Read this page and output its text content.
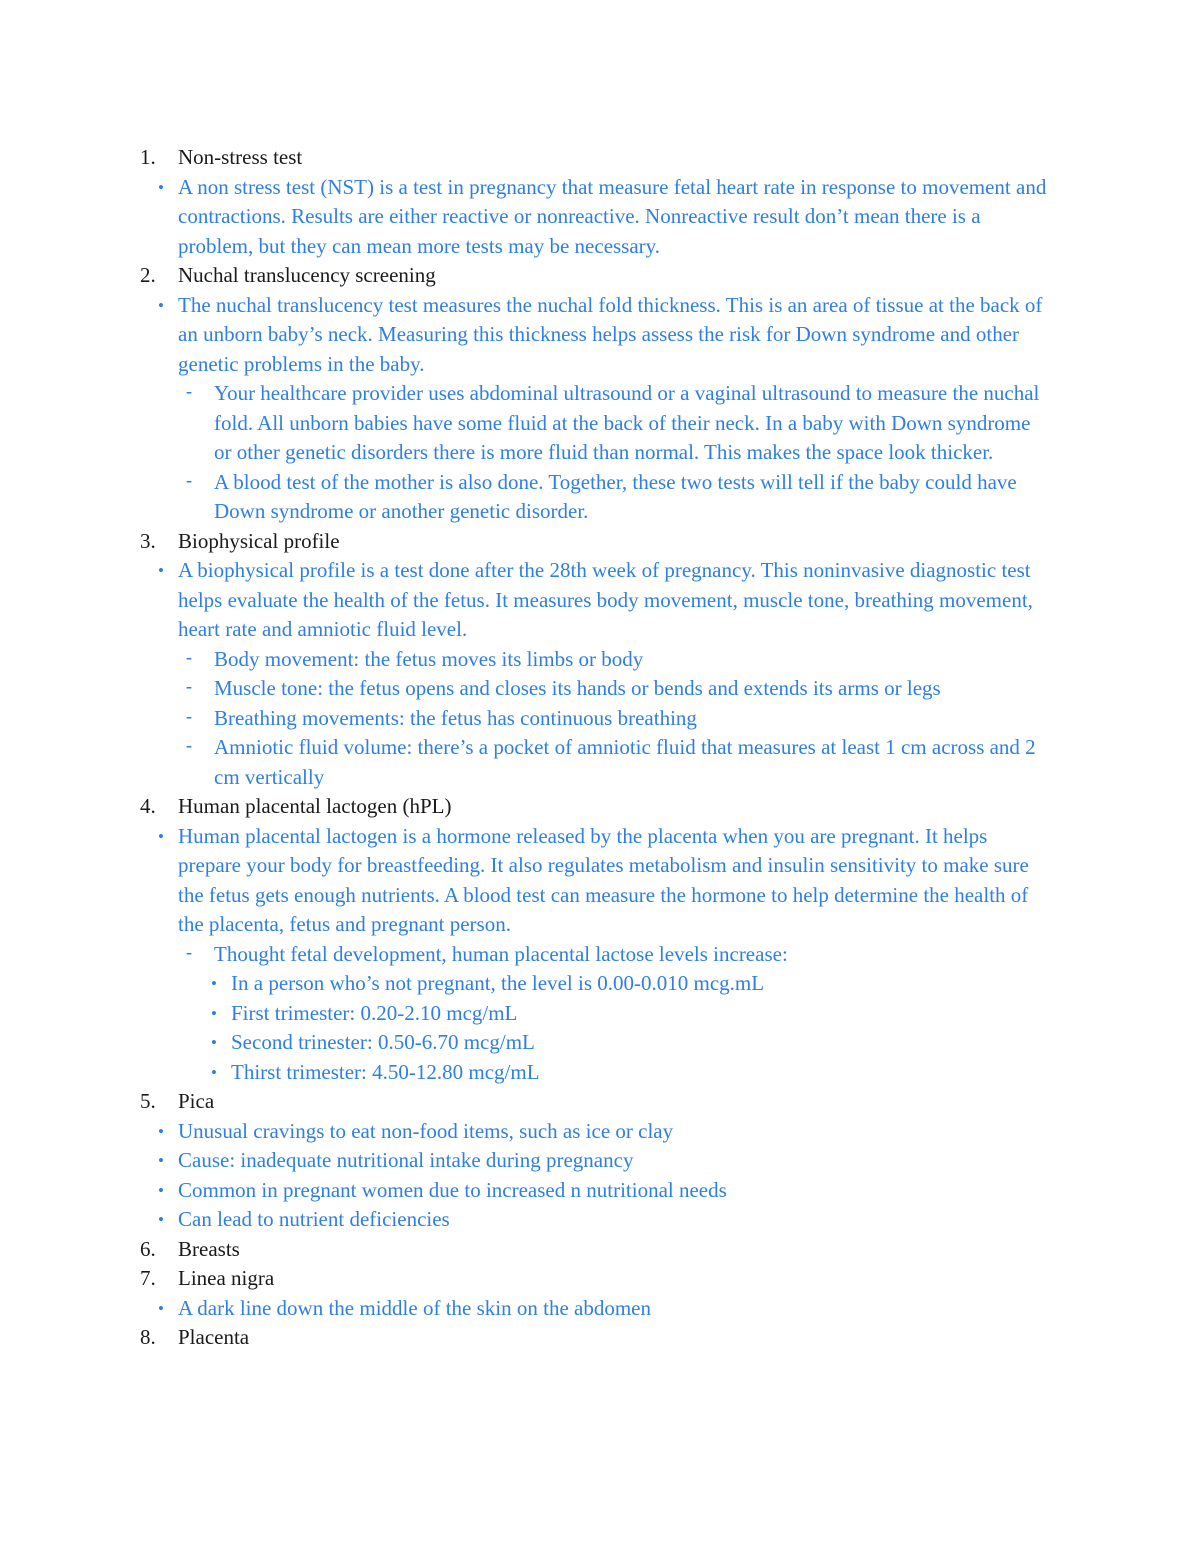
1. Non-stress test
• A non stress test (NST) is a test in pregnancy that measure fetal heart rate in response to movement and contractions. Results are either reactive or nonreactive. Nonreactive result don’t mean there is a problem, but they can mean more tests may be necessary.
2. Nuchal translucency screening
• The nuchal translucency test measures the nuchal fold thickness. This is an area of tissue at the back of an unborn baby’s neck. Measuring this thickness helps assess the risk for Down syndrome and other genetic problems in the baby.
- Your healthcare provider uses abdominal ultrasound or a vaginal ultrasound to measure the nuchal fold. All unborn babies have some fluid at the back of their neck. In a baby with Down syndrome or other genetic disorders there is more fluid than normal. This makes the space look thicker.
- A blood test of the mother is also done. Together, these two tests will tell if the baby could have Down syndrome or another genetic disorder.
3. Biophysical profile
• A biophysical profile is a test done after the 28th week of pregnancy. This noninvasive diagnostic test helps evaluate the health of the fetus. It measures body movement, muscle tone, breathing movement, heart rate and amniotic fluid level.
- Body movement: the fetus moves its limbs or body
- Muscle tone: the fetus opens and closes its hands or bends and extends its arms or legs
- Breathing movements: the fetus has continuous breathing
- Amniotic fluid volume: there’s a pocket of amniotic fluid that measures at least 1 cm across and 2 cm vertically
4. Human placental lactogen (hPL)
• Human placental lactogen is a hormone released by the placenta when you are pregnant. It helps prepare your body for breastfeeding. It also regulates metabolism and insulin sensitivity to make sure the fetus gets enough nutrients. A blood test can measure the hormone to help determine the health of the placenta, fetus and pregnant person.
- Thought fetal development, human placental lactose levels increase:
• In a person who’s not pregnant, the level is 0.00-0.010 mcg.mL
• First trimester: 0.20-2.10 mcg/mL
• Second trinester: 0.50-6.70 mcg/mL
• Thirst trimester: 4.50-12.80 mcg/mL
5. Pica
• Unusual cravings to eat non-food items, such as ice or clay
• Cause: inadequate nutritional intake during pregnancy
• Common in pregnant women due to increased n nutritional needs
• Can lead to nutrient deficiencies
6. Breasts
7. Linea nigra
• A dark line down the middle of the skin on the abdomen
8. Placenta
